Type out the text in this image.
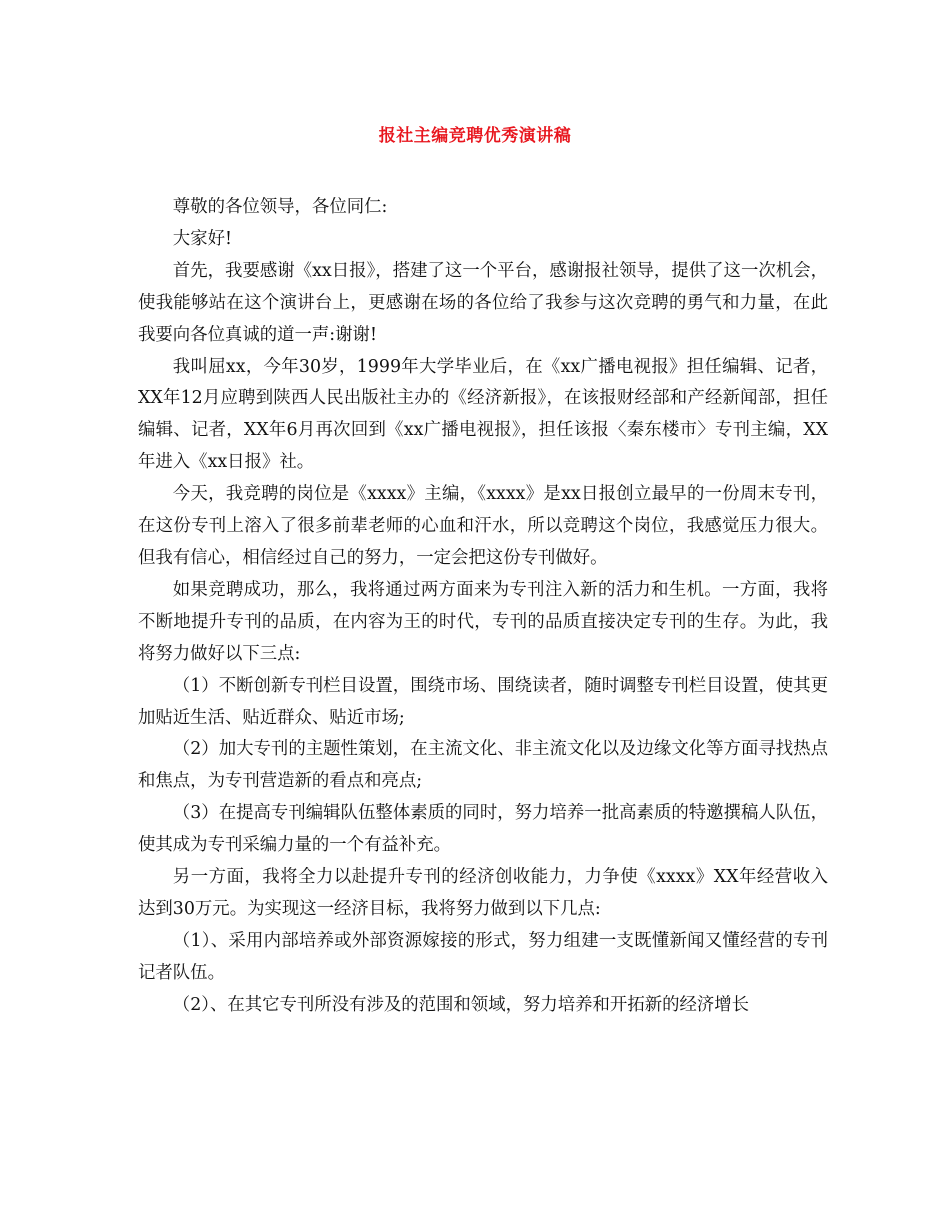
报社主编竞聘优秀演讲稿

尊敬的各位领导，各位同仁:

大家好!

首先，我要感谢《xx日报》，搭建了这一个平台，感谢报社领导，提供了这一次机会，使我能够站在这个演讲台上，更感谢在场的各位给了我参与这次竞聘的勇气和力量，在此我要向各位真诚的道一声:谢谢!

我叫屈xx，今年30岁，1999年大学毕业后，在《xx广播电视报》担任编辑、记者，XX年12月应聘到陕西人民出版社主办的《经济新报》，在该报财经部和产经新闻部，担任编辑、记者，XX年6月再次回到《xx广播电视报》，担任该报〈秦东楼市〉专刊主编，XX年进入《xx日报》社。

今天，我竞聘的岗位是《xxxx》主编，《xxxx》是xx日报创立最早的一份周末专刊，在这份专刊上溶入了很多前辈老师的心血和汗水，所以竞聘这个岗位，我感觉压力很大。但我有信心，相信经过自己的努力，一定会把这份专刊做好。

如果竞聘成功，那么，我将通过两方面来为专刊注入新的活力和生机。一方面，我将不断地提升专刊的品质，在内容为王的时代，专刊的品质直接决定专刊的生存。为此，我将努力做好以下三点:

（1）不断创新专刊栏目设置，围绕市场、围绕读者，随时调整专刊栏目设置，使其更加贴近生活、贴近群众、贴近市场;

（2）加大专刊的主题性策划，在主流文化、非主流文化以及边缘文化等方面寻找热点和焦点，为专刊营造新的看点和亮点;

（3）在提高专刊编辑队伍整体素质的同时，努力培养一批高素质的特邀撰稿人队伍，使其成为专刊采编力量的一个有益补充。

另一方面，我将全力以赴提升专刊的经济创收能力，力争使《xxxx》XX年经营收入达到30万元。为实现这一经济目标，我将努力做到以下几点:

（1）、采用内部培养或外部资源嫁接的形式，努力组建一支既懂新闻又懂经营的专刊记者队伍。

（2）、在其它专刊所没有涉及的范围和领域，努力培养和开拓新的经济增长
